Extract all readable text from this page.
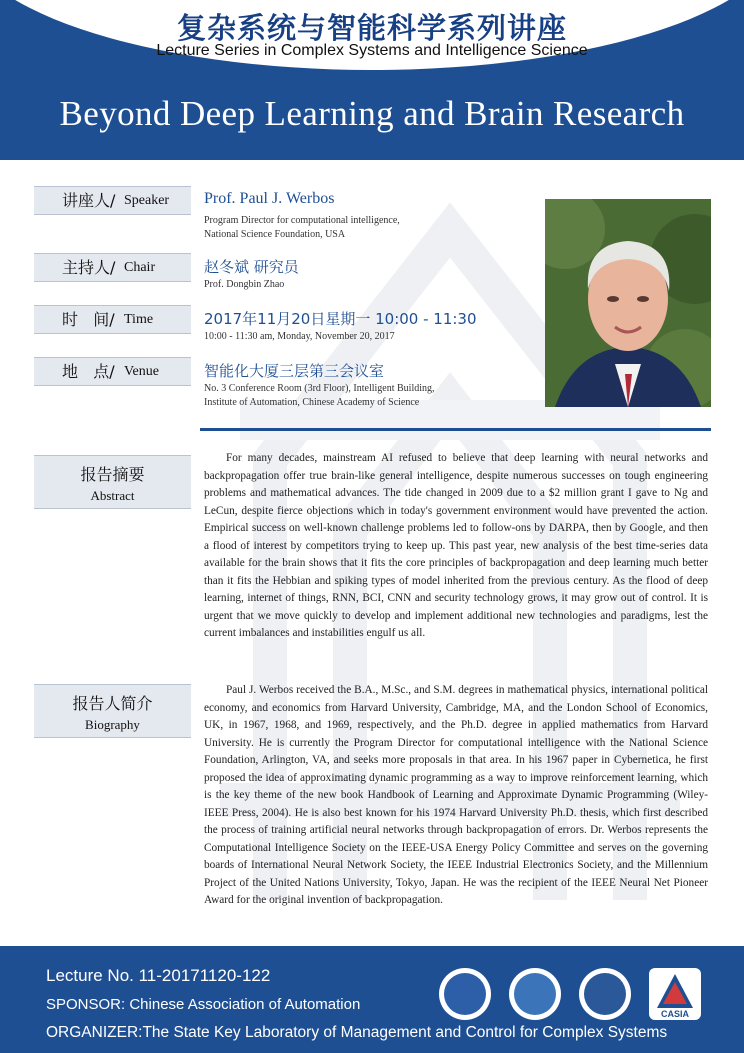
复杂系统与智能科学系列讲座
Lecture Series in Complex Systems and Intelligence Science
Beyond Deep Learning and Brain Research
讲座人/ Speaker Prof. Paul J. Werbos
Program Director for computational intelligence,
National Science Foundation, USA
主持人/ Chair	赵冬斌 研究员
Prof. Dongbin Zhao
时   间/ Time	2017年11月20日星期一 10:00 - 11:30
10:00 - 11:30 am, Monday, November 20, 2017
地   点/ Venue	智能化大厦三层第三会议室
No. 3 Conference Room (3rd Floor), Intelligent Building,
Institute of Automation, Chinese Academy of Science
报告摘要
Abstract
For many decades, mainstream AI refused to believe that deep learning with neural networks and backpropagation offer true brain-like general intelligence, despite numerous successes on tough engineering problems and mathematical advances. The tide changed in 2009 due to a $2 million grant I gave to Ng and LeCun, despite fierce objections which in today's government environment would have prevented the action. Empirical success on well-known challenge problems led to follow-ons by DARPA, then by Google, and then a flood of interest by competitors trying to keep up. This past year, new analysis of the best time-series data available for the brain shows that it fits the core principles of backpropagation and deep learning much better than it fits the Hebbian and spiking types of model inherited from the previous century. As the flood of deep learning, internet of things, RNN, BCI, CNN and security technology grows, it may grow out of control. It is urgent that we move quickly to develop and implement additional new technologies and paradigms, lest the current imbalances and instabilities engulf us all.
报告人简介
Biography
Paul J. Werbos received the B.A., M.Sc., and S.M. degrees in mathematical physics, international political economy, and economics from Harvard University, Cambridge, MA, and the London School of Economics, UK, in 1967, 1968, and 1969, respectively, and the Ph.D. degree in applied mathematics from Harvard University. He is currently the Program Director for computational intelligence with the National Science Foundation, Arlington, VA, and seeks more proposals in that area. In his 1967 paper in Cybernetica, he first proposed the idea of approximating dynamic programming as a way to improve reinforcement learning, which is the key theme of the new book Handbook of Learning and Approximate Dynamic Programming (Wiley-IEEE Press, 2004). He is also best known for his 1974 Harvard University Ph.D. thesis, which first described the process of training artificial neural networks through backpropagation of errors. Dr. Werbos represents the Computational Intelligence Society on the IEEE-USA Energy Policy Committee and serves on the governing boards of International Neural Network Society, the IEEE Industrial Electronics Society, and the Millennium Project of the United Nations University, Tokyo, Japan. He was the recipient of the IEEE Neural Net Pioneer Award for the original invention of backpropagation.
Lecture No. 11-20171120-122
SPONSOR: Chinese Association of Automation
ORGANIZER:The State Key Laboratory of Management and Control for Complex Systems
CASIA
